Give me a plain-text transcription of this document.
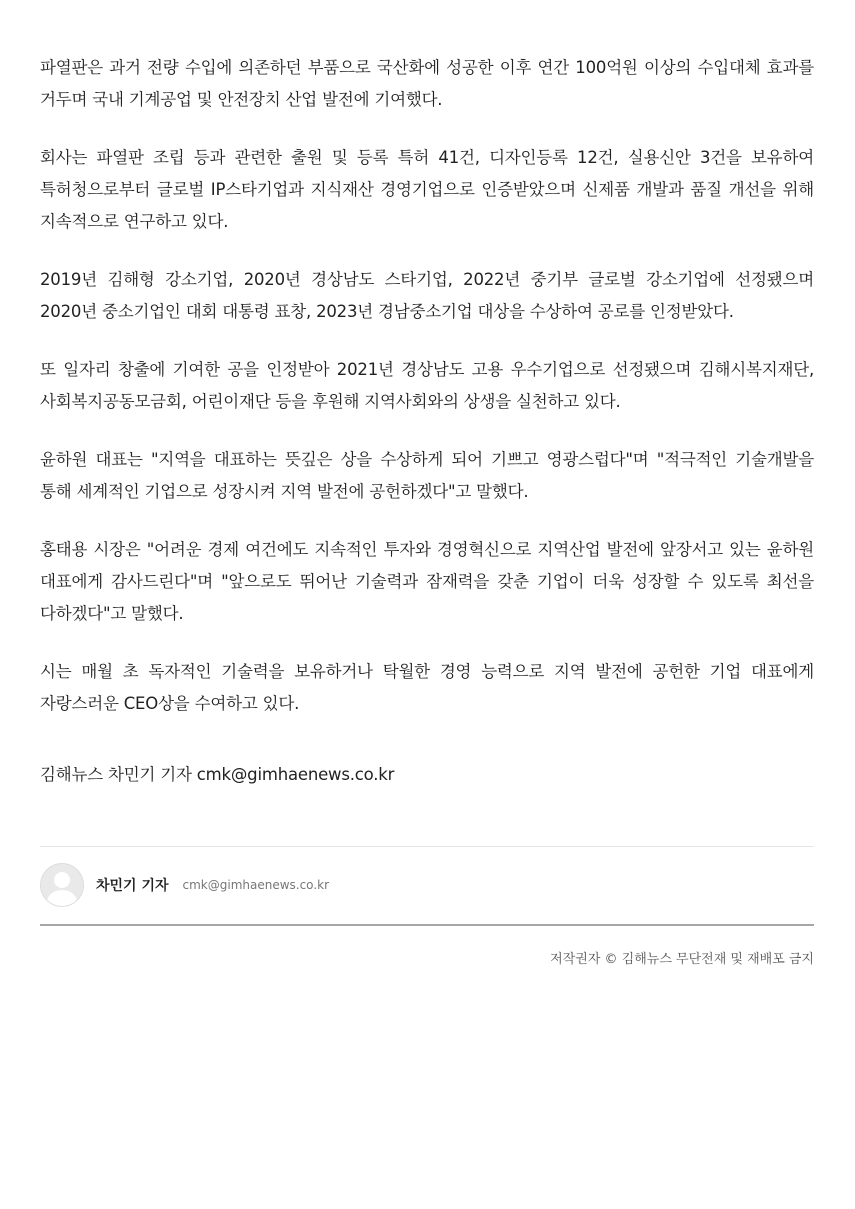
파열판은 과거 전량 수입에 의존하던 부품으로 국산화에 성공한 이후 연간 100억원 이상의 수입대체 효과를 거두며 국내 기계공업 및 안전장치 산업 발전에 기여했다.

회사는 파열판 조립 등과 관련한 출원 및 등록 특허 41건, 디자인등록 12건, 실용신안 3건을 보유하여 특허청으로부터 글로벌 IP스타기업과 지식재산 경영기업으로 인증받았으며 신제품 개발과 품질 개선을 위해 지속적으로 연구하고 있다.

2019년 김해형 강소기업, 2020년 경상남도 스타기업, 2022년 중기부 글로벌 강소기업에 선정됐으며 2020년 중소기업인 대회 대통령 표창, 2023년 경남중소기업 대상을 수상하여 공로를 인정받았다.

또 일자리 창출에 기여한 공을 인정받아 2021년 경상남도 고용 우수기업으로 선정됐으며 김해시복지재단, 사회복지공동모금회, 어린이재단 등을 후원해 지역사회와의 상생을 실천하고 있다.

윤하원 대표는 "지역을 대표하는 뜻깊은 상을 수상하게 되어 기쁘고 영광스럽다"며 "적극적인 기술개발을 통해 세계적인 기업으로 성장시켜 지역 발전에 공헌하겠다"고 말했다.

홍태용 시장은 "어려운 경제 여건에도 지속적인 투자와 경영혁신으로 지역산업 발전에 앞장서고 있는 윤하원 대표에게 감사드린다"며 "앞으로도 뛰어난 기술력과 잠재력을 갖춘 기업이 더욱 성장할 수 있도록 최선을 다하겠다"고 말했다.

시는 매월 초 독자적인 기술력을 보유하거나 탁월한 경영 능력으로 지역 발전에 공헌한 기업 대표에게 자랑스러운 CEO상을 수여하고 있다.

김해뉴스 차민기 기자 cmk@gimhaenews.co.kr
차민기 기자 cmk@gimhaenews.co.kr
저작권자 © 김해뉴스 무단전재 및 재배포 금지
